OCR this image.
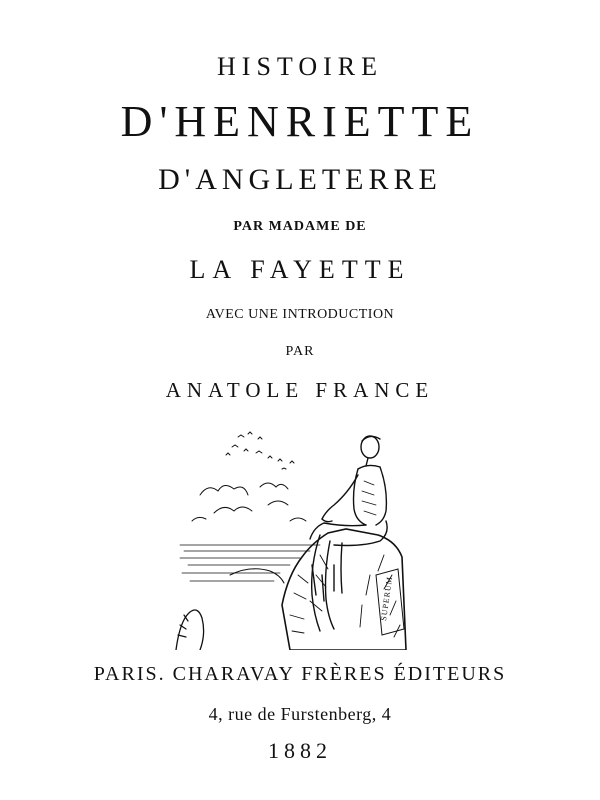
HISTOIRE
D'HENRIETTE
D'ANGLETERRE
PAR MADAME DE
LA FAYETTE
AVEC UNE INTRODUCTION
PAR
ANATOLE FRANCE
SUPERUM
PARIS. CHARAVAY FRÈRES ÉDITEURS
4, rue de Furstenberg, 4
1882
